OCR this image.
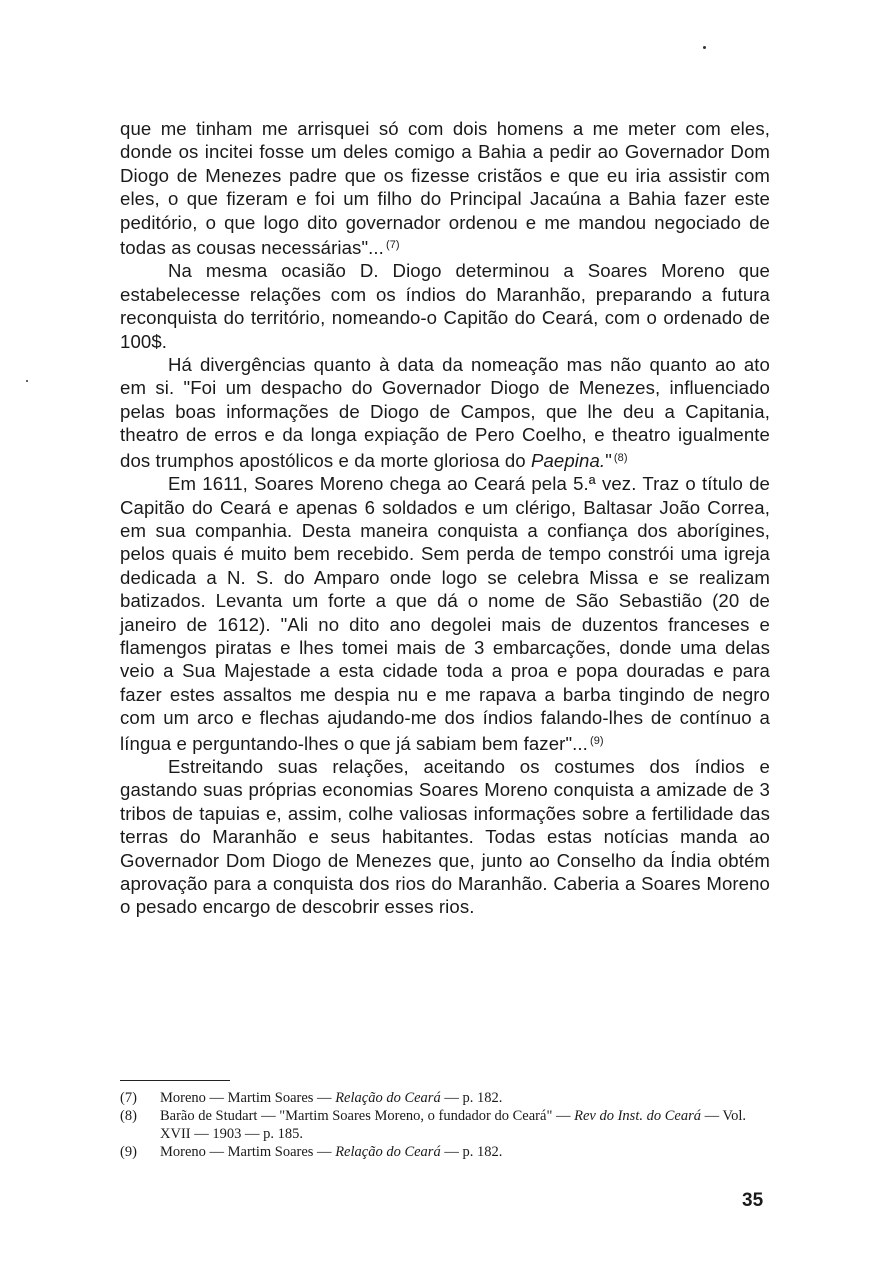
que me tinham me arrisquei só com dois homens a me meter com eles, donde os incitei fosse um deles comigo a Bahia a pedir ao Governador Dom Diogo de Menezes padre que os fizesse cristãos e que eu iria assistir com eles, o que fizeram e foi um filho do Principal Jacaúna a Bahia fazer este peditório, o que logo dito governador ordenou e me mandou negociado de todas as cousas necessárias"... $^{(7)}$

Na mesma ocasião D. Diogo determinou a Soares Moreno que estabelecesse relações com os índios do Maranhão, preparando a futura reconquista do território, nomeando-o Capitão do Ceará, com o ordenado de 100$.

Há divergências quanto à data da nomeação mas não quanto ao ato em si. "Foi um despacho do Governador Diogo de Menezes, influenciado pelas boas informações de Diogo de Campos, que lhe deu a Capitania, theatro de erros e da longa expiação de Pero Coelho, e theatro igualmente dos trumphos apostólicos e da morte gloriosa do Paepina." $^{(8)}$

Em 1611, Soares Moreno chega ao Ceará pela 5.ª vez. Traz o título de Capitão do Ceará e apenas 6 soldados e um clérigo, Baltasar João Correa, em sua companhia. Desta maneira conquista a confiança dos aborígines, pelos quais é muito bem recebido. Sem perda de tempo constrói uma igreja dedicada a N. S. do Amparo onde logo se celebra Missa e se realizam batizados. Levanta um forte a que dá o nome de São Sebastião (20 de janeiro de 1612). "Ali no dito ano degolei mais de duzentos franceses e flamengos piratas e lhes tomei mais de 3 embarcações, donde uma delas veio a Sua Majestade a esta cidade toda a proa e popa douradas e para fazer estes assaltos me despia nu e me rapava a barba tingindo de negro com um arco e flechas ajudando-me dos índios falando-lhes de contínuo a língua e perguntando-lhes o que já sabiam bem fazer"... $^{(9)}$

Estreitando suas relações, aceitando os costumes dos índios e gastando suas próprias economias Soares Moreno conquista a amizade de 3 tribos de tapuias e, assim, colhe valiosas informações sobre a fertilidade das terras do Maranhão e seus habitantes. Todas estas notícias manda ao Governador Dom Diogo de Menezes que, junto ao Conselho da Índia obtém aprovação para a conquista dos rios do Maranhão. Caberia a Soares Moreno o pesado encargo de descobrir esses rios.

(7)	Moreno — Martim Soares — Relação do Ceará — p. 182.
(8)	Barão de Studart — "Martim Soares Moreno, o fundador do Ceará" — Rev do Inst. do Ceará — Vol. XVII — 1903 — p. 185.
(9)	Moreno — Martim Soares — Relação do Ceará — p. 182.
35
